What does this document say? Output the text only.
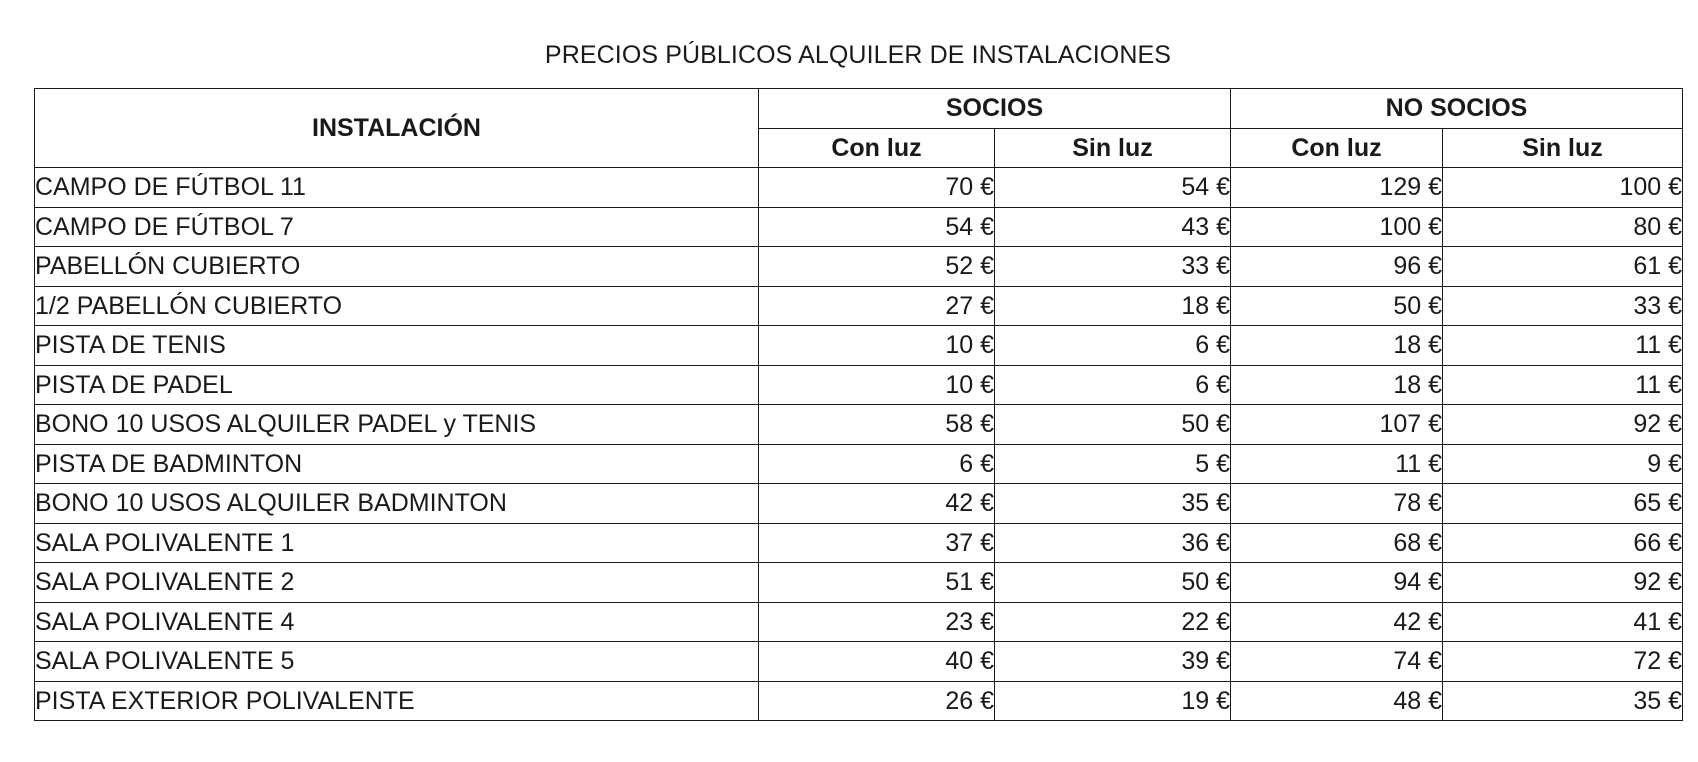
PRECIOS PÚBLICOS ALQUILER DE INSTALACIONES
INSTALACIÓN	SOCIOS		NO SOCIOS	
	Con luz	Sin luz	Con luz	Sin luz
CAMPO DE FÚTBOL 11	70 €	54 €	129 €	100 €
CAMPO DE FÚTBOL 7	54 €	43 €	100 €	80 €
PABELLÓN CUBIERTO	52 €	33 €	96 €	61 €
1/2 PABELLÓN CUBIERTO	27 €	18 €	50 €	33 €
PISTA DE TENIS	10 €	6 €	18 €	11 €
PISTA DE PADEL	10 €	6 €	18 €	11 €
BONO 10 USOS ALQUILER PADEL y TENIS	58 €	50 €	107 €	92 €
PISTA DE BADMINTON	6 €	5 €	11 €	9 €
BONO 10 USOS ALQUILER BADMINTON	42 €	35 €	78 €	65 €
SALA POLIVALENTE 1	37 €	36 €	68 €	66 €
SALA POLIVALENTE 2	51 €	50 €	94 €	92 €
SALA POLIVALENTE 4	23 €	22 €	42 €	41 €
SALA POLIVALENTE 5	40 €	39 €	74 €	72 €
PISTA EXTERIOR POLIVALENTE	26 €	19 €	48 €	35 €
